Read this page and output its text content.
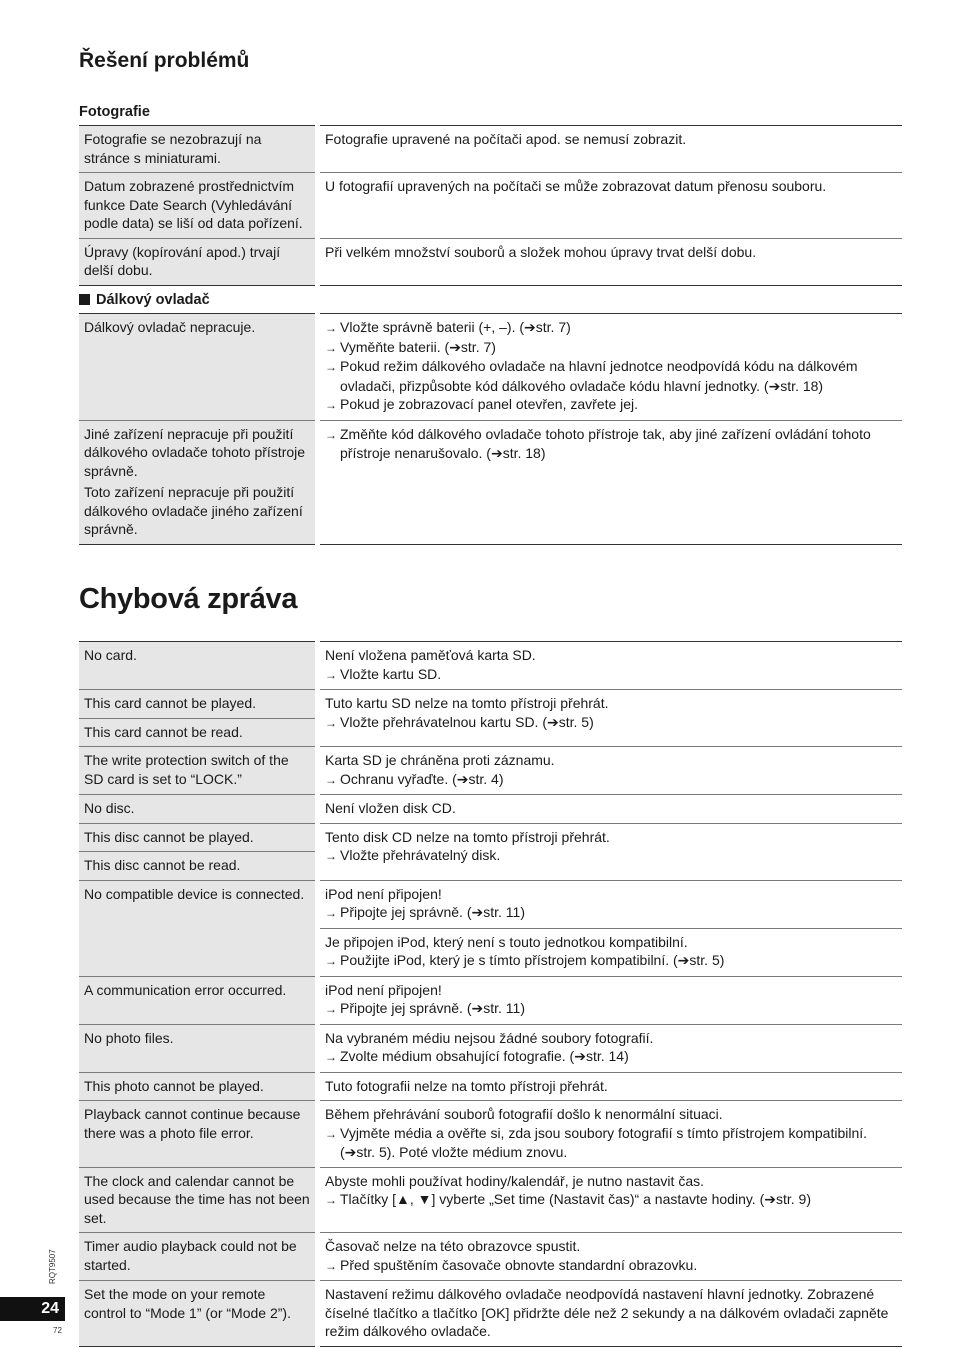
Řešení problémů
Fotografie
Fotografie se nezobrazují na stránce s miniaturami.	Fotografie upravené na počítači apod. se nemusí zobrazit.

Datum zobrazené prostřednictvím funkce Date Search (Vyhledávání podle data) se liší od data pořízení.	U fotografií upravených na počítači se může zobrazovat datum přenosu souboru.

Úpravy (kopírování apod.) trvají delší dobu.	Při velkém množství souborů a složek mohou úpravy trvat delší dobu.
Dálkový ovladač
Dálkový ovladač nepracuje.	→ Vložte správně baterii (+, –). (➔str. 7)
→ Vyměňte baterii. (➔str. 7)
→ Pokud režim dálkového ovladače na hlavní jednotce neodpovídá kódu na dálkovém ovladači, přizpůsobte kód dálkového ovladače kódu hlavní jednotky. (➔str. 18)
→ Pokud je zobrazovací panel otevřen, zavřete jej.

Jiné zařízení nepracuje při použití dálkového ovladače tohoto přístroje správně.
Toto zařízení nepracuje při použití dálkového ovladače jiného zařízení správně.	→ Změňte kód dálkového ovladače tohoto přístroje tak, aby jiné zařízení ovládání tohoto přístroje nenarušovalo. (➔str. 18)
Chybová zpráva
No card.	Není vložena paměťová karta SD.
→ Vložte kartu SD.

This card cannot be played.	Tuto kartu SD nelze na tomto přístroji přehrát.
→ Vložte přehrávatelnou kartu SD. (➔str. 5)

This card cannot be read.	
The write protection switch of the SD card is set to “LOCK.”	Karta SD je chráněna proti záznamu.
→ Ochranu vyřaďte. (➔str. 4)

No disc.	Není vložen disk CD.

This disc cannot be played.	Tento disk CD nelze na tomto přístroji přehrát.
→ Vložte přehrávatelný disk.

This disc cannot be read.	
No compatible device is connected.	iPod není připojen!
→ Připojte jej správně. (➔str. 11)

	Je připojen iPod, který není s touto jednotkou kompatibilní.
→ Použijte iPod, který je s tímto přístrojem kompatibilní. (➔str. 5)

A communication error occurred.	iPod není připojen!
→ Připojte jej správně. (➔str. 11)

No photo files.	Na vybraném médiu nejsou žádné soubory fotografií.
→ Zvolte médium obsahující fotografie. (➔str. 14)

This photo cannot be played.	Tuto fotografii nelze na tomto přístroji přehrát.

Playback cannot continue because there was a photo file error.	Během přehrávání souborů fotografií došlo k nenormální situaci.
→ Vyjměte média a ověřte si, zda jsou soubory fotografií s tímto přístrojem kompatibilní. (➔str. 5). Poté vložte médium znovu.

The clock and calendar cannot be used because the time has not been set.	Abyste mohli používat hodiny/kalendář, je nutno nastavit čas.
→ Tlačítky [▲, ▼] vyberte „Set time (Nastavit čas)“ a nastavte hodiny. (➔str. 9)

Timer audio playback could not be started.	Časovač nelze na této obrazovce spustit.
→ Před spuštěním časovače obnovte standardní obrazovku.

Set the mode on your remote control to “Mode 1” (or “Mode 2”).	Nastavení režimu dálkového ovladače neodpovídá nastavení hlavní jednotky. Zobrazené číselné tlačítko a tlačítko [OK] přidržte déle než 2 sekundy a na dálkovém ovladači zapněte režim dálkového ovladače.
RQT9507
24
72
